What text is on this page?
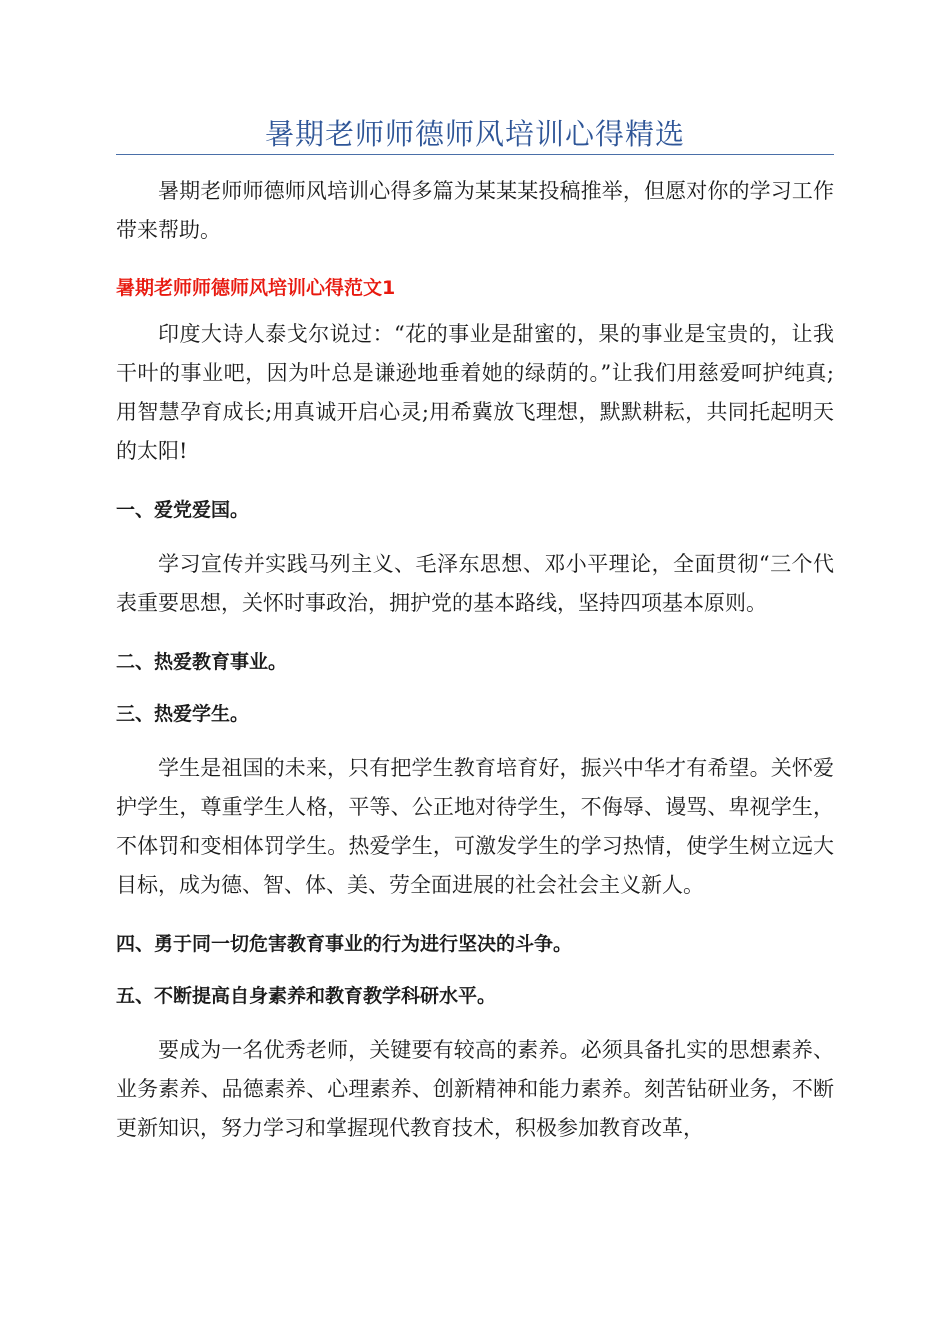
暑期老师师德师风培训心得精选

暑期老师师德师风培训心得多篇为某某某投稿推举，但愿对你的学习工作带来帮助。

暑期老师师德师风培训心得范文1

印度大诗人泰戈尔说过：“花的事业是甜蜜的，果的事业是宝贵的，让我干叶的事业吧，因为叶总是谦逊地垂着她的绿荫的。”让我们用慈爱呵护纯真;用智慧孕育成长;用真诚开启心灵;用希冀放飞理想，默默耕耘，共同托起明天的太阳!

一、爱党爱国。

学习宣传并实践马列主义、毛泽东思想、邓小平理论，全面贯彻“三个代表重要思想，关怀时事政治，拥护党的基本路线，坚持四项基本原则。

二、热爱教育事业。

三、热爱学生。

学生是祖国的未来，只有把学生教育培育好，振兴中华才有希望。关怀爱护学生，尊重学生人格，平等、公正地对待学生，不侮辱、谩骂、卑视学生，不体罚和变相体罚学生。热爱学生，可激发学生的学习热情，使学生树立远大目标，成为德、智、体、美、劳全面进展的社会社会主义新人。

四、勇于同一切危害教育事业的行为进行坚决的斗争。

五、不断提高自身素养和教育教学科研水平。

要成为一名优秀老师，关键要有较高的素养。必须具备扎实的思想素养、业务素养、品德素养、心理素养、创新精神和能力素养。刻苦钻研业务，不断更新知识，努力学习和掌握现代教育技术，积极参加教育改革，
